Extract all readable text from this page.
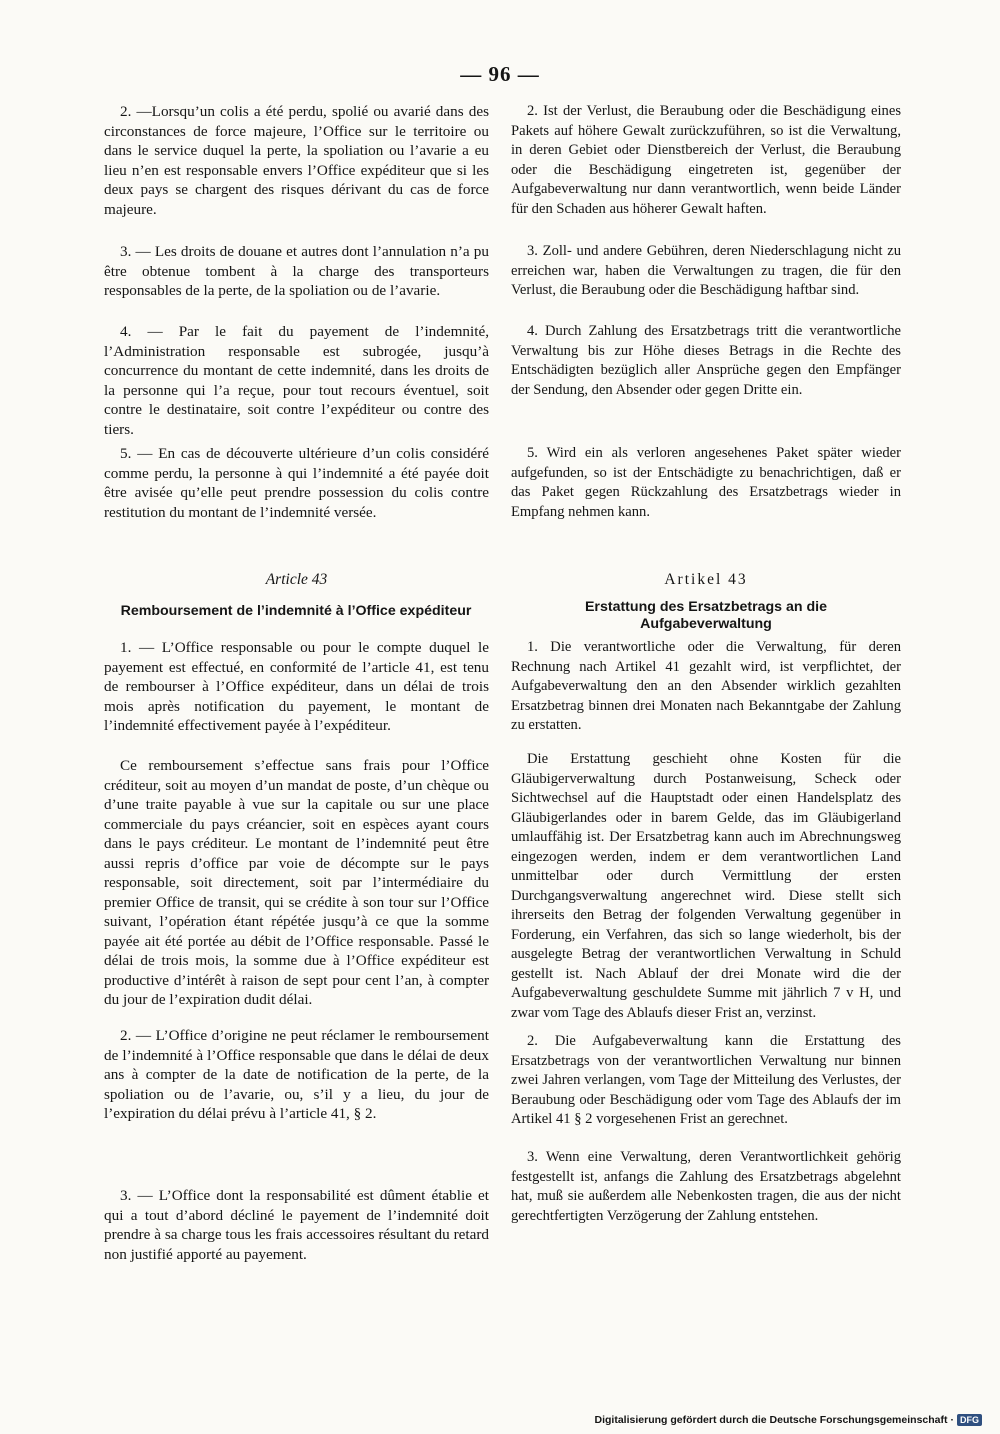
— 96 —

2. —Lorsqu’un colis a été perdu, spolié ou avarié dans des circonstances de force majeure, l’Office sur le territoire ou dans le service duquel la perte, la spoliation ou l’avarie a eu lieu n’en est responsable envers l’Office expéditeur que si les deux pays se chargent des risques dérivant du cas de force majeure.

3. — Les droits de douane et autres dont l’annulation n’a pu être obtenue tombent à la charge des transporteurs responsables de la perte, de la spoliation ou de l’avarie.

4. — Par le fait du payement de l’indemnité, l’Administration responsable est subrogée, jusqu’à concurrence du montant de cette indemnité, dans les droits de la personne qui l’a reçue, pour tout recours éventuel, soit contre le destinataire, soit contre l’expéditeur ou contre des tiers.

5. — En cas de découverte ultérieure d’un colis considéré comme perdu, la personne à qui l’indemnité a été payée doit être avisée qu’elle peut prendre possession du colis contre restitution du montant de l’indemnité versée.

Article 43
Remboursement de l’indemnité à l’Office expéditeur

1. — L’Office responsable ou pour le compte duquel le payement est effectué, en conformité de l’article 41, est tenu de rembourser à l’Office expéditeur, dans un délai de trois mois après notification du payement, le montant de l’indemnité effectivement payée à l’expéditeur.

Ce remboursement s’effectue sans frais pour l’Office créditeur, soit au moyen d’un mandat de poste, d’un chèque ou d’une traite payable à vue sur la capitale ou sur une place commerciale du pays créancier, soit en espèces ayant cours dans le pays créditeur. Le montant de l’indemnité peut être aussi repris d’office par voie de décompte sur le pays responsable, soit directement, soit par l’intermédiaire du premier Office de transit, qui se crédite à son tour sur l’Office suivant, l’opération étant répétée jusqu’à ce que la somme payée ait été portée au débit de l’Office responsable. Passé le délai de trois mois, la somme due à l’Office expéditeur est productive d’intérêt à raison de sept pour cent l’an, à compter du jour de l’expiration dudit délai.

2. — L’Office d’origine ne peut réclamer le remboursement de l’indemnité à l’Office responsable que dans le délai de deux ans à compter de la date de notification de la perte, de la spoliation ou de l’avarie, ou, s’il y a lieu, du jour de l’expiration du délai prévu à l’article 41, § 2.

3. — L’Office dont la responsabilité est dûment établie et qui a tout d’abord décliné le payement de l’indemnité doit prendre à sa charge tous les frais accessoires résultant du retard non justifié apporté au payement.

2. Ist der Verlust, die Beraubung oder die Beschädigung eines Pakets auf höhere Gewalt zurückzuführen, so ist die Verwaltung, in deren Gebiet oder Dienstbereich der Verlust, die Beraubung oder die Beschädigung eingetreten ist, gegenüber der Aufgabeverwaltung nur dann verantwortlich, wenn beide Länder für den Schaden aus höherer Gewalt haften.

3. Zoll- und andere Gebühren, deren Niederschlagung nicht zu erreichen war, haben die Verwaltungen zu tragen, die für den Verlust, die Beraubung oder die Beschädigung haftbar sind.

4. Durch Zahlung des Ersatzbetrags tritt die verantwortliche Verwaltung bis zur Höhe dieses Betrags in die Rechte des Entschädigten bezüglich aller Ansprüche gegen den Empfänger der Sendung, den Absender oder gegen Dritte ein.

5. Wird ein als verloren angesehenes Paket später wieder aufgefunden, so ist der Entschädigte zu benachrichtigen, daß er das Paket gegen Rückzahlung des Ersatzbetrags wieder in Empfang nehmen kann.

Artikel 43
Erstattung des Ersatzbetrags an die Aufgabeverwaltung

1. Die verantwortliche oder die Verwaltung, für deren Rechnung nach Artikel 41 gezahlt wird, ist verpflichtet, der Aufgabeverwaltung den an den Absender wirklich gezahlten Ersatzbetrag binnen drei Monaten nach Bekanntgabe der Zahlung zu erstatten.

Die Erstattung geschieht ohne Kosten für die Gläubigerverwaltung durch Postanweisung, Scheck oder Sichtwechsel auf die Hauptstadt oder einen Handelsplatz des Gläubigerlandes oder in barem Gelde, das im Gläubigerland umlauffähig ist. Der Ersatzbetrag kann auch im Abrechnungsweg eingezogen werden, indem er dem verantwortlichen Land unmittelbar oder durch Vermittlung der ersten Durchgangsverwaltung angerechnet wird. Diese stellt sich ihrerseits den Betrag der folgenden Verwaltung gegenüber in Forderung, ein Verfahren, das sich so lange wiederholt, bis der ausgelegte Betrag der verantwortlichen Verwaltung in Schuld gestellt ist. Nach Ablauf der drei Monate wird die der Aufgabeverwaltung geschuldete Summe mit jährlich 7 v H, und zwar vom Tage des Ablaufs dieser Frist an, verzinst.

2. Die Aufgabeverwaltung kann die Erstattung des Ersatzbetrags von der verantwortlichen Verwaltung nur binnen zwei Jahren verlangen, vom Tage der Mitteilung des Verlustes, der Beraubung oder Beschädigung oder vom Tage des Ablaufs der im Artikel 41 § 2 vorgesehenen Frist an gerechnet.

3. Wenn eine Verwaltung, deren Verantwortlichkeit gehörig festgestellt ist, anfangs die Zahlung des Ersatzbetrags abgelehnt hat, muß sie außerdem alle Nebenkosten tragen, die aus der nicht gerechtfertigten Verzögerung der Zahlung entstehen.

Digitalisierung gefördert durch die Deutsche Forschungsgemeinschaft · DFG
